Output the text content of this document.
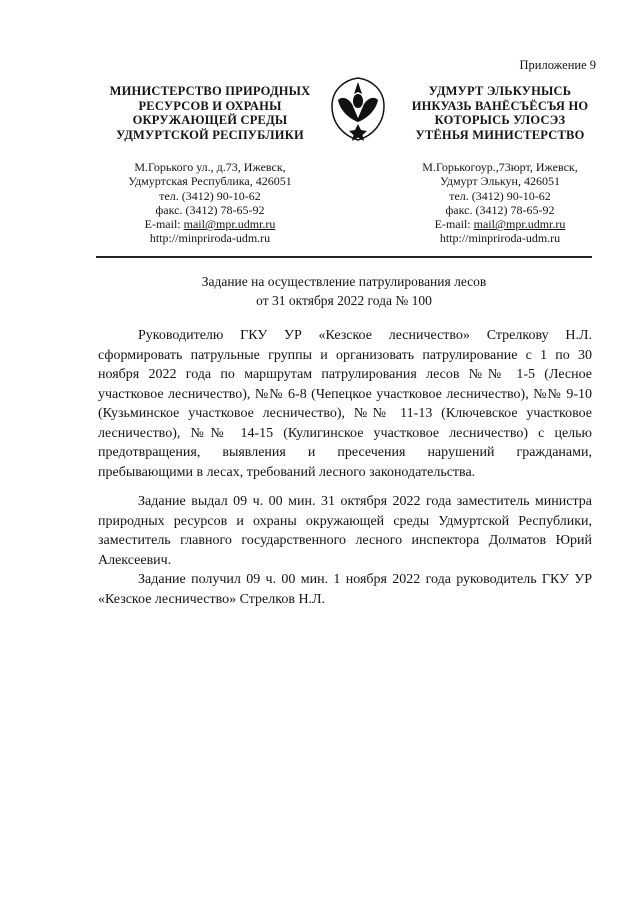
Приложение 9
МИНИСТЕРСТВО ПРИРОДНЫХ
РЕСУРСОВ И ОХРАНЫ
ОКРУЖАЮЩЕЙ СРЕДЫ
УДМУРТСКОЙ РЕСПУБЛИКИ
М.Горького ул., д.73, Ижевск,
Удмуртская Республика, 426051
тел. (3412) 90-10-62
факс. (3412) 78-65-92
E-mail: mail@mpr.udmr.ru
http://minpriroda-udm.ru
УДМУРТ ЭЛЬКУНЫСЬ
ИНКУАЗЬ ВАНЁСЪЁСЪЯ НО
КОТОРЫСЬ УЛОСЭЗ
УТЁНЬЯ МИНИСТЕРСТВО
М.Горькогоур.,73юрт, Ижевск,
Удмурт Элькун, 426051
тел. (3412) 90-10-62
факс. (3412) 78-65-92
E-mail: mail@mpr.udmr.ru
http://minpriroda-udm.ru
Задание на осуществление патрулирования лесов
от 31 октября 2022 года № 100

Руководителю ГКУ УР «Кезское лесничество» Стрелкову Н.Л. сформировать патрульные группы и организовать патрулирование с 1 по 30 ноября 2022 года по маршрутам патрулирования лесов №№ 1-5 (Лесное участковое лесничество), №№ 6-8 (Чепецкое участковое лесничество), №№ 9-10 (Кузьминское участковое лесничество), №№ 11-13 (Ключевское участковое лесничество), №№ 14-15 (Кулигинское участковое лесничество) с целью предотвращения, выявления и пресечения нарушений гражданами, пребывающими в лесах, требований лесного законодательства.

Задание выдал 09 ч. 00 мин. 31 октября 2022 года заместитель министра природных ресурсов и охраны окружающей среды Удмуртской Республики, заместитель главного государственного лесного инспектора Долматов Юрий Алексеевич.

Задание получил 09 ч. 00 мин. 1 ноября 2022 года руководитель ГКУ УР «Кезское лесничество» Стрелков Н.Л.
